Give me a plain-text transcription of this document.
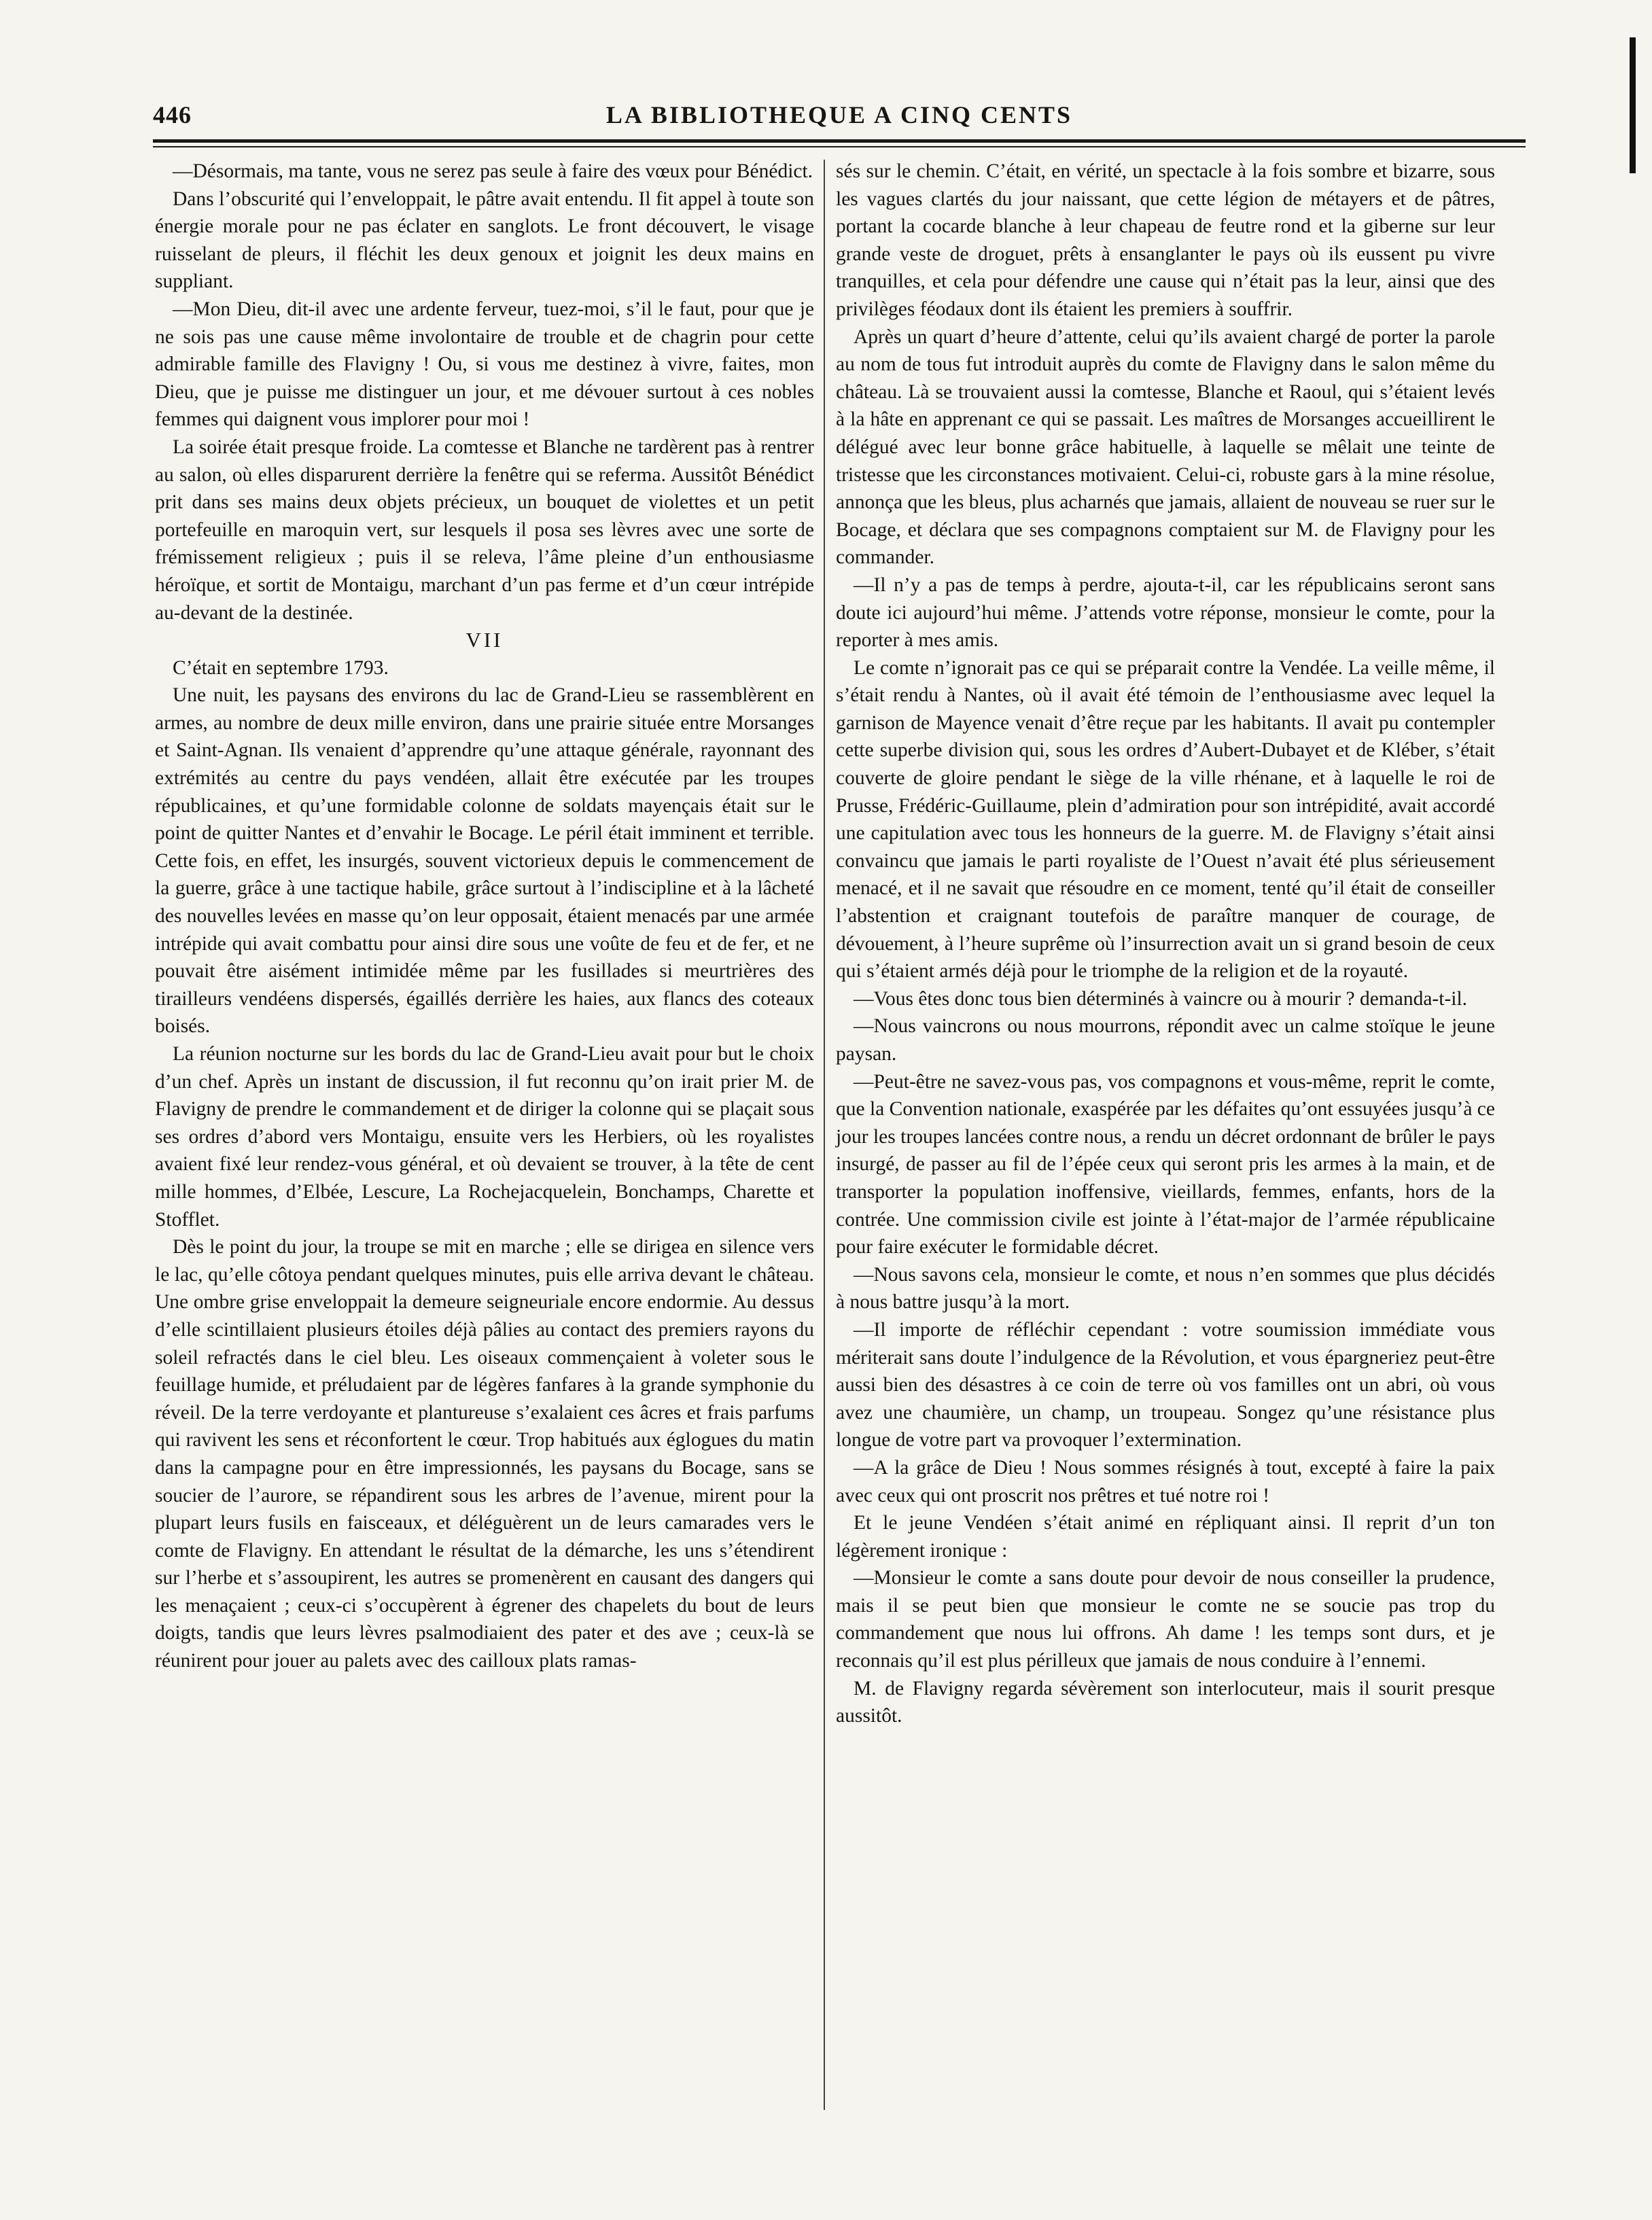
446	LA BIBLIOTHEQUE A CINQ CENTS

—Désormais, ma tante, vous ne serez pas seule à faire des vœux pour Bénédict.

Dans l’obscurité qui l’enveloppait, le pâtre avait entendu. Il fit appel à toute son énergie morale pour ne pas éclater en sanglots. Le front découvert, le visage ruisselant de pleurs, il fléchit les deux genoux et joignit les deux mains en suppliant.

—Mon Dieu, dit-il avec une ardente ferveur, tuez-moi, s’il le faut, pour que je ne sois pas une cause même involontaire de trouble et de chagrin pour cette admirable famille des Flavigny ! Ou, si vous me destinez à vivre, faites, mon Dieu, que je puisse me distinguer un jour, et me dévouer surtout à ces nobles femmes qui daignent vous implorer pour moi !

La soirée était presque froide. La comtesse et Blanche ne tardèrent pas à rentrer au salon, où elles disparurent derrière la fenêtre qui se referma. Aussitôt Bénédict prit dans ses mains deux objets précieux, un bouquet de violettes et un petit portefeuille en maroquin vert, sur lesquels il posa ses lèvres avec une sorte de frémissement religieux ; puis il se releva, l’âme pleine d’un enthousiasme héroïque, et sortit de Montaigu, marchant d’un pas ferme et d’un cœur intrépide au-devant de la destinée.

VII

C’était en septembre 1793.

Une nuit, les paysans des environs du lac de Grand-Lieu se rassemblèrent en armes, au nombre de deux mille environ, dans une prairie située entre Morsanges et Saint-Agnan. Ils venaient d’apprendre qu’une attaque générale, rayonnant des extrémités au centre du pays vendéen, allait être exécutée par les troupes républicaines, et qu’une formidable colonne de soldats mayençais était sur le point de quitter Nantes et d’envahir le Bocage. Le péril était imminent et terrible. Cette fois, en effet, les insurgés, souvent victorieux depuis le commencement de la guerre, grâce à une tactique habile, grâce surtout à l’indiscipline et à la lâcheté des nouvelles levées en masse qu’on leur opposait, étaient menacés par une armée intrépide qui avait combattu pour ainsi dire sous une voûte de feu et de fer, et ne pouvait être aisément intimidée même par les fusillades si meurtrières des tirailleurs vendéens dispersés, égaillés derrière les haies, aux flancs des coteaux boisés.

La réunion nocturne sur les bords du lac de Grand-Lieu avait pour but le choix d’un chef. Après un instant de discussion, il fut reconnu qu’on irait prier M. de Flavigny de prendre le commandement et de diriger la colonne qui se plaçait sous ses ordres d’abord vers Montaigu, ensuite vers les Herbiers, où les royalistes avaient fixé leur rendez-vous général, et où devaient se trouver, à la tête de cent mille hommes, d’Elbée, Lescure, La Rochejacquelein, Bonchamps, Charette et Stofflet.

Dès le point du jour, la troupe se mit en marche ; elle se dirigea en silence vers le lac, qu’elle côtoya pendant quelques minutes, puis elle arriva devant le château. Une ombre grise enveloppait la demeure seigneuriale encore endormie. Au dessus d’elle scintillaient plusieurs étoiles déjà pâlies au contact des premiers rayons du soleil refractés dans le ciel bleu. Les oiseaux commençaient à voleter sous le feuillage humide, et préludaient par de légères fanfares à la grande symphonie du réveil. De la terre verdoyante et plantureuse s’exalaient ces âcres et frais parfums qui ravivent les sens et réconfortent le cœur. Trop habitués aux églogues du matin dans la campagne pour en être impressionnés, les paysans du Bocage, sans se soucier de l’aurore, se répandirent sous les arbres de l’avenue, mirent pour la plupart leurs fusils en faisceaux, et déléguèrent un de leurs camarades vers le comte de Flavigny. En attendant le résultat de la démarche, les uns s’étendirent sur l’herbe et s’assoupirent, les autres se promenèrent en causant des dangers qui les menaçaient ; ceux-ci s’occupèrent à égrener des chapelets du bout de leurs doigts, tandis que leurs lèvres psalmodiaient des pater et des ave ; ceux-là se réunirent pour jouer au palets avec des cailloux plats ramas-

sés sur le chemin. C’était, en vérité, un spectacle à la fois sombre et bizarre, sous les vagues clartés du jour naissant, que cette légion de métayers et de pâtres, portant la cocarde blanche à leur chapeau de feutre rond et la giberne sur leur grande veste de droguet, prêts à ensanglanter le pays où ils eussent pu vivre tranquilles, et cela pour défendre une cause qui n’était pas la leur, ainsi que des privilèges féodaux dont ils étaient les premiers à souffrir.

Après un quart d’heure d’attente, celui qu’ils avaient chargé de porter la parole au nom de tous fut introduit auprès du comte de Flavigny dans le salon même du château. Là se trouvaient aussi la comtesse, Blanche et Raoul, qui s’étaient levés à la hâte en apprenant ce qui se passait. Les maîtres de Morsanges accueillirent le délégué avec leur bonne grâce habituelle, à laquelle se mêlait une teinte de tristesse que les circonstances motivaient. Celui-ci, robuste gars à la mine résolue, annonça que les bleus, plus acharnés que jamais, allaient de nouveau se ruer sur le Bocage, et déclara que ses compagnons comptaient sur M. de Flavigny pour les commander.

—Il n’y a pas de temps à perdre, ajouta-t-il, car les républicains seront sans doute ici aujourd’hui même. J’attends votre réponse, monsieur le comte, pour la reporter à mes amis.

Le comte n’ignorait pas ce qui se préparait contre la Vendée. La veille même, il s’était rendu à Nantes, où il avait été témoin de l’enthousiasme avec lequel la garnison de Mayence venait d’être reçue par les habitants. Il avait pu contempler cette superbe division qui, sous les ordres d’Aubert-Dubayet et de Kléber, s’était couverte de gloire pendant le siège de la ville rhénane, et à laquelle le roi de Prusse, Frédéric-Guillaume, plein d’admiration pour son intrépidité, avait accordé une capitulation avec tous les honneurs de la guerre. M. de Flavigny s’était ainsi convaincu que jamais le parti royaliste de l’Ouest n’avait été plus sérieusement menacé, et il ne savait que résoudre en ce moment, tenté qu’il était de conseiller l’abstention et craignant toutefois de paraître manquer de courage, de dévouement, à l’heure suprême où l’insurrection avait un si grand besoin de ceux qui s’étaient armés déjà pour le triomphe de la religion et de la royauté.

—Vous êtes donc tous bien déterminés à vaincre ou à mourir ? demanda-t-il.

—Nous vaincrons ou nous mourrons, répondit avec un calme stoïque le jeune paysan.

—Peut-être ne savez-vous pas, vos compagnons et vous-même, reprit le comte, que la Convention nationale, exaspérée par les défaites qu’ont essuyées jusqu’à ce jour les troupes lancées contre nous, a rendu un décret ordonnant de brûler le pays insurgé, de passer au fil de l’épée ceux qui seront pris les armes à la main, et de transporter la population inoffensive, vieillards, femmes, enfants, hors de la contrée. Une commission civile est jointe à l’état-major de l’armée républicaine pour faire exécuter le formidable décret.

—Nous savons cela, monsieur le comte, et nous n’en sommes que plus décidés à nous battre jusqu’à la mort.

—Il importe de réfléchir cependant : votre soumission immédiate vous mériterait sans doute l’indulgence de la Révolution, et vous épargneriez peut-être aussi bien des désastres à ce coin de terre où vos familles ont un abri, où vous avez une chaumière, un champ, un troupeau. Songez qu’une résistance plus longue de votre part va provoquer l’extermination.

—A la grâce de Dieu ! Nous sommes résignés à tout, excepté à faire la paix avec ceux qui ont proscrit nos prêtres et tué notre roi !

Et le jeune Vendéen s’était animé en répliquant ainsi. Il reprit d’un ton légèrement ironique :

—Monsieur le comte a sans doute pour devoir de nous conseiller la prudence, mais il se peut bien que monsieur le comte ne se soucie pas trop du commandement que nous lui offrons. Ah dame ! les temps sont durs, et je reconnais qu’il est plus périlleux que jamais de nous conduire à l’ennemi.

M. de Flavigny regarda sévèrement son interlocuteur, mais il sourit presque aussitôt.
